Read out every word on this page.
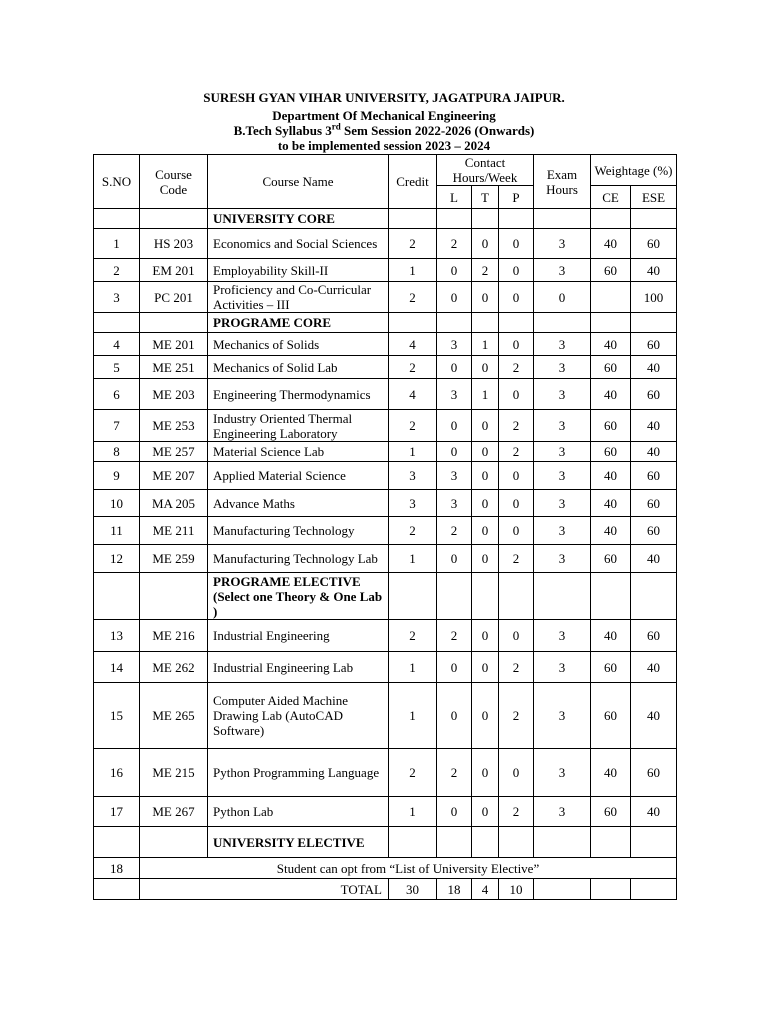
SURESH GYAN VIHAR UNIVERSITY, JAGATPURA JAIPUR.
Department Of Mechanical Engineering
B.Tech Syllabus 3rd Sem Session 2022-2026 (Onwards)
to be implemented session 2023 – 2024
S.NO	Course Code	Course Name	Credit	Contact Hours/Week			Exam Hours	Weightage (%)	
				L	T	P		CE	ESE
		UNIVERSITY CORE							
1	HS 203	Economics and Social Sciences	2	2	0	0	3	40	60
2	EM 201	Employability Skill-II	1	0	2	0	3	60	40
3	PC 201	Proficiency and Co-Curricular Activities – III	2	0	0	0	0		100
		PROGRAME CORE							
4	ME 201	Mechanics of Solids	4	3	1	0	3	40	60
5	ME 251	Mechanics of Solid Lab	2	0	0	2	3	60	40
6	ME 203	Engineering Thermodynamics	4	3	1	0	3	40	60
7	ME 253	Industry Oriented Thermal Engineering Laboratory	2	0	0	2	3	60	40
8	ME 257	Material Science Lab	1	0	0	2	3	60	40
9	ME 207	Applied Material Science	3	3	0	0	3	40	60
10	MA 205	Advance Maths	3	3	0	0	3	40	60
11	ME 211	Manufacturing Technology	2	2	0	0	3	40	60
12	ME 259	Manufacturing Technology Lab	1	0	0	2	3	60	40
		PROGRAME ELECTIVE (Select one Theory & One Lab )							
13	ME 216	Industrial Engineering	2	2	0	0	3	40	60
14	ME 262	Industrial Engineering Lab	1	0	0	2	3	60	40
15	ME 265	Computer Aided Machine Drawing Lab (AutoCAD Software)	1	0	0	2	3	60	40
16	ME 215	Python Programming Language	2	2	0	0	3	40	60
17	ME 267	Python Lab	1	0	0	2	3	60	40
		UNIVERSITY ELECTIVE							
18	Student can opt from “List of University Elective”								
	TOTAL		30	18	4	10			
